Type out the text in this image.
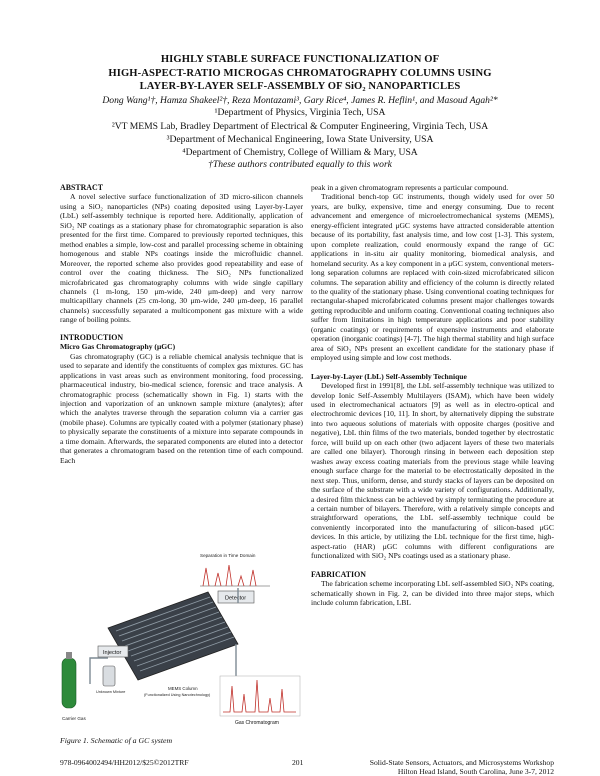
HIGHLY STABLE SURFACE FUNCTIONALIZATION OF
HIGH-ASPECT-RATIO MICROGAS CHROMATOGRAPHY COLUMNS USING
LAYER-BY-LAYER SELF-ASSEMBLY OF SiO₂ NANOPARTICLES
Dong Wang¹†, Hamza Shakeel²†, Reza Montazami³, Gary Rice⁴, James R. Heflin¹, and Masoud Agah²*
¹Department of Physics, Virginia Tech, USA
²VT MEMS Lab, Bradley Department of Electrical & Computer Engineering, Virginia Tech, USA
³Department of Mechanical Engineering, Iowa State University, USA
⁴Department of Chemistry, College of William & Mary, USA
†These authors contributed equally to this work

ABSTRACT

A novel selective surface functionalization of 3D micro-silicon channels using a SiO₂ nanoparticles (NPs) coating deposited using Layer-by-Layer (LbL) self-assembly technique is reported here. Additionally, application of SiO₂ NP coatings as a stationary phase for chromatographic separation is also presented for the first time. Compared to previously reported techniques, this method enables a simple, low-cost and parallel processing scheme in obtaining homogenous and stable NPs coatings inside the microfluidic channel. Moreover, the reported scheme also provides good repeatability and ease of control over the coating thickness. The SiO₂ NPs functionalized microfabricated gas chromatography columns with wide single capillary channels (1 m-long, 150 μm-wide, 240 μm-deep) and very narrow multicapillary channels (25 cm-long, 30 μm-wide, 240 μm-deep, 16 parallel channels) successfully separated a multicomponent gas mixture with a wide range of boiling points.

INTRODUCTION

Micro Gas Chromatography (μGC)

Gas chromatography (GC) is a reliable chemical analysis technique that is used to separate and identify the constituents of complex gas mixtures. GC has applications in vast areas such as environment monitoring, food processing, pharmaceutical industry, bio-medical science, forensic and trace analysis. A chromatographic process (schematically shown in Fig. 1) starts with the injection and vaporization of an unknown sample mixture (analytes); after which the analytes traverse through the separation column via a carrier gas (mobile phase). Columns are typically coated with a polymer (stationary phase) to physically separate the constituents of a mixture into separate compounds in a time domain. Afterwards, the separated components are eluted into a detector that generates a chromatogram based on the retention time of each compound. Each

Separation in Time Domain
Detector
Injector
Unknown Mixture
Carrier Gas
MEMS Column
(Functionalized Using Nanotechnology)
Gas Chromatogram
Figure 1. Schematic of a GC system

peak in a given chromatogram represents a particular compound.

Traditional bench-top GC instruments, though widely used for over 50 years, are bulky, expensive, time and energy consuming. Due to recent advancement and emergence of microelectromechanical systems (MEMS), energy-efficient integrated μGC systems have attracted considerable attention because of its portability, fast analysis time, and low cost [1-3]. This system, upon complete realization, could enormously expand the range of GC applications in in-situ air quality monitoring, biomedical analysis, and homeland security. As a key component in a μGC system, conventional meters-long separation columns are replaced with coin-sized microfabricated silicon columns. The separation ability and efficiency of the column is directly related to the quality of the stationary phase. Using conventional coating techniques for rectangular-shaped microfabricated columns present major challenges towards getting reproducible and uniform coating. Conventional coating techniques also suffer from limitations in high temperature applications and poor stability (organic coatings) or requirements of expensive instruments and elaborate operation (inorganic coatings) [4-7]. The high thermal stability and high surface area of SiO₂ NPs present an excellent candidate for the stationary phase if employed using simple and low cost methods.

Layer-by-Layer (LbL) Self-Assembly Technique

Developed first in 1991[8], the LbL self-assembly technique was utilized to develop Ionic Self-Assembly Multilayers (ISAM), which have been widely used in electromechanical actuators [9] as well as in electro-optical and electrochromic devices [10, 11]. In short, by alternatively dipping the substrate into two aqueous solutions of materials with opposite charges (positive and negative), LbL thin films of the two materials, bonded together by electrostatic force, will build up on each other (two adjacent layers of these two materials are called one bilayer). Thorough rinsing in between each deposition step washes away excess coating materials from the previous stage while leaving enough surface charge for the material to be electrostatically deposited in the next step. Thus, uniform, dense, and sturdy stacks of layers can be deposited on the surface of the substrate with a wide variety of configurations. Additionally, a desired film thickness can be achieved by simply terminating the procedure at a certain number of bilayers. Therefore, with a relatively simple concepts and straightforward operations, the LbL self-assembly technique could be conveniently incorporated into the manufacturing of silicon-based μGC devices. In this article, by utilizing the LbL technique for the first time, high-aspect-ratio (HAR) μGC columns with different configurations are functionalized with SiO₂ NPs coatings used as a stationary phase.

FABRICATION

The fabrication scheme incorporating LbL self-assembled SiO₂ NPs coating, schematically shown in Fig. 2, can be divided into three major steps, which include column fabrication, LBL

978-0964002494/HH2012/$25©2012TRF	201	Solid-State Sensors, Actuators, and Microsystems Workshop
Hilton Head Island, South Carolina, June 3-7, 2012
